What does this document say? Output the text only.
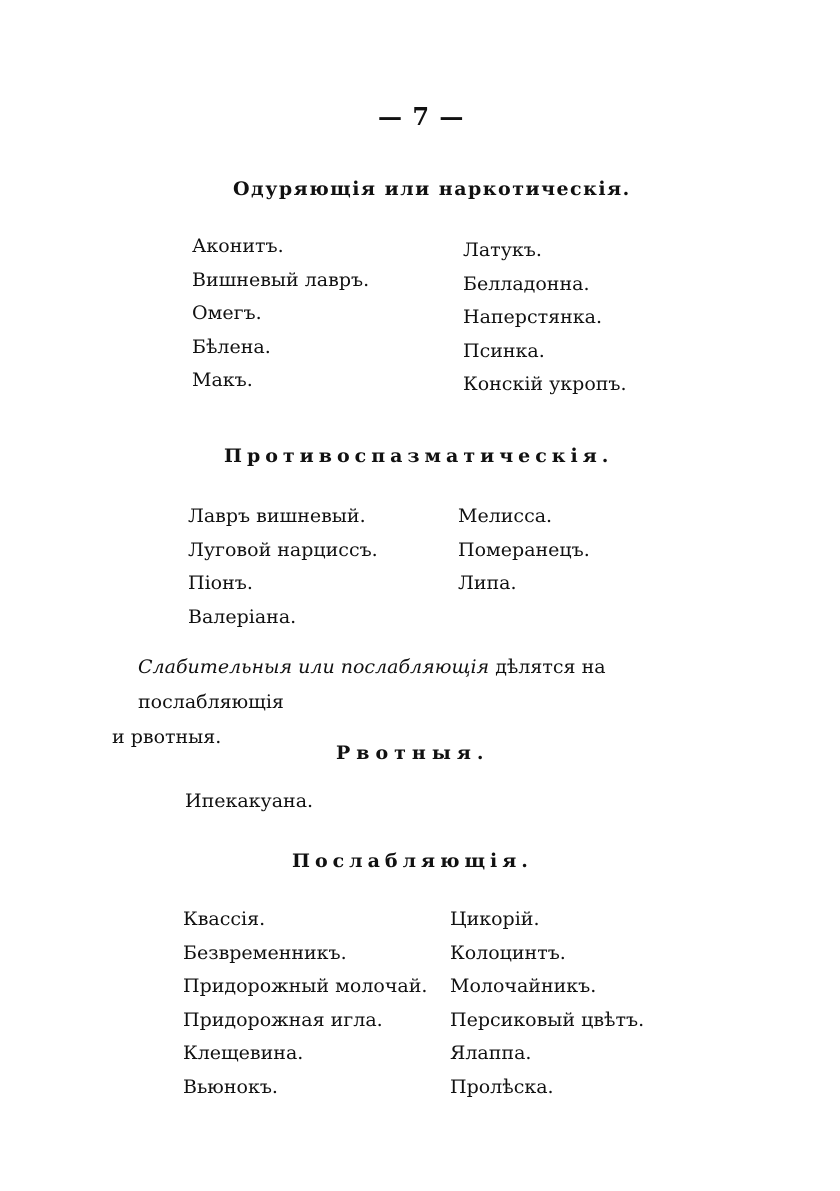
— 7 —
Одуряющія или наркотическія.
Аконитъ.
Вишневый лавръ.
Омегъ.
Бѣлена.
Макъ.
Латукъ.
Белладонна.
Наперстянка.
Псинка.
Конскій укропъ.
Противоспазматическія.
Лавръ вишневый.
Луговой нарциссъ.
Піонъ.
Валеріана.
Мелисса.
Померанецъ.
Липа.
Слабительныя или послабляющія дѣлятся на послабляющія
и рвотныя.
Рвотныя.
Ипекакуана.
Послабляющія.
Квассія.
Безвременникъ.
Придорожный молочай.
Придорожная игла.
Клещевина.
Вьюнокъ.
Цикорій.
Колоцинтъ.
Молочайникъ.
Персиковый цвѣтъ.
Ялаппа.
Пролѣска.
